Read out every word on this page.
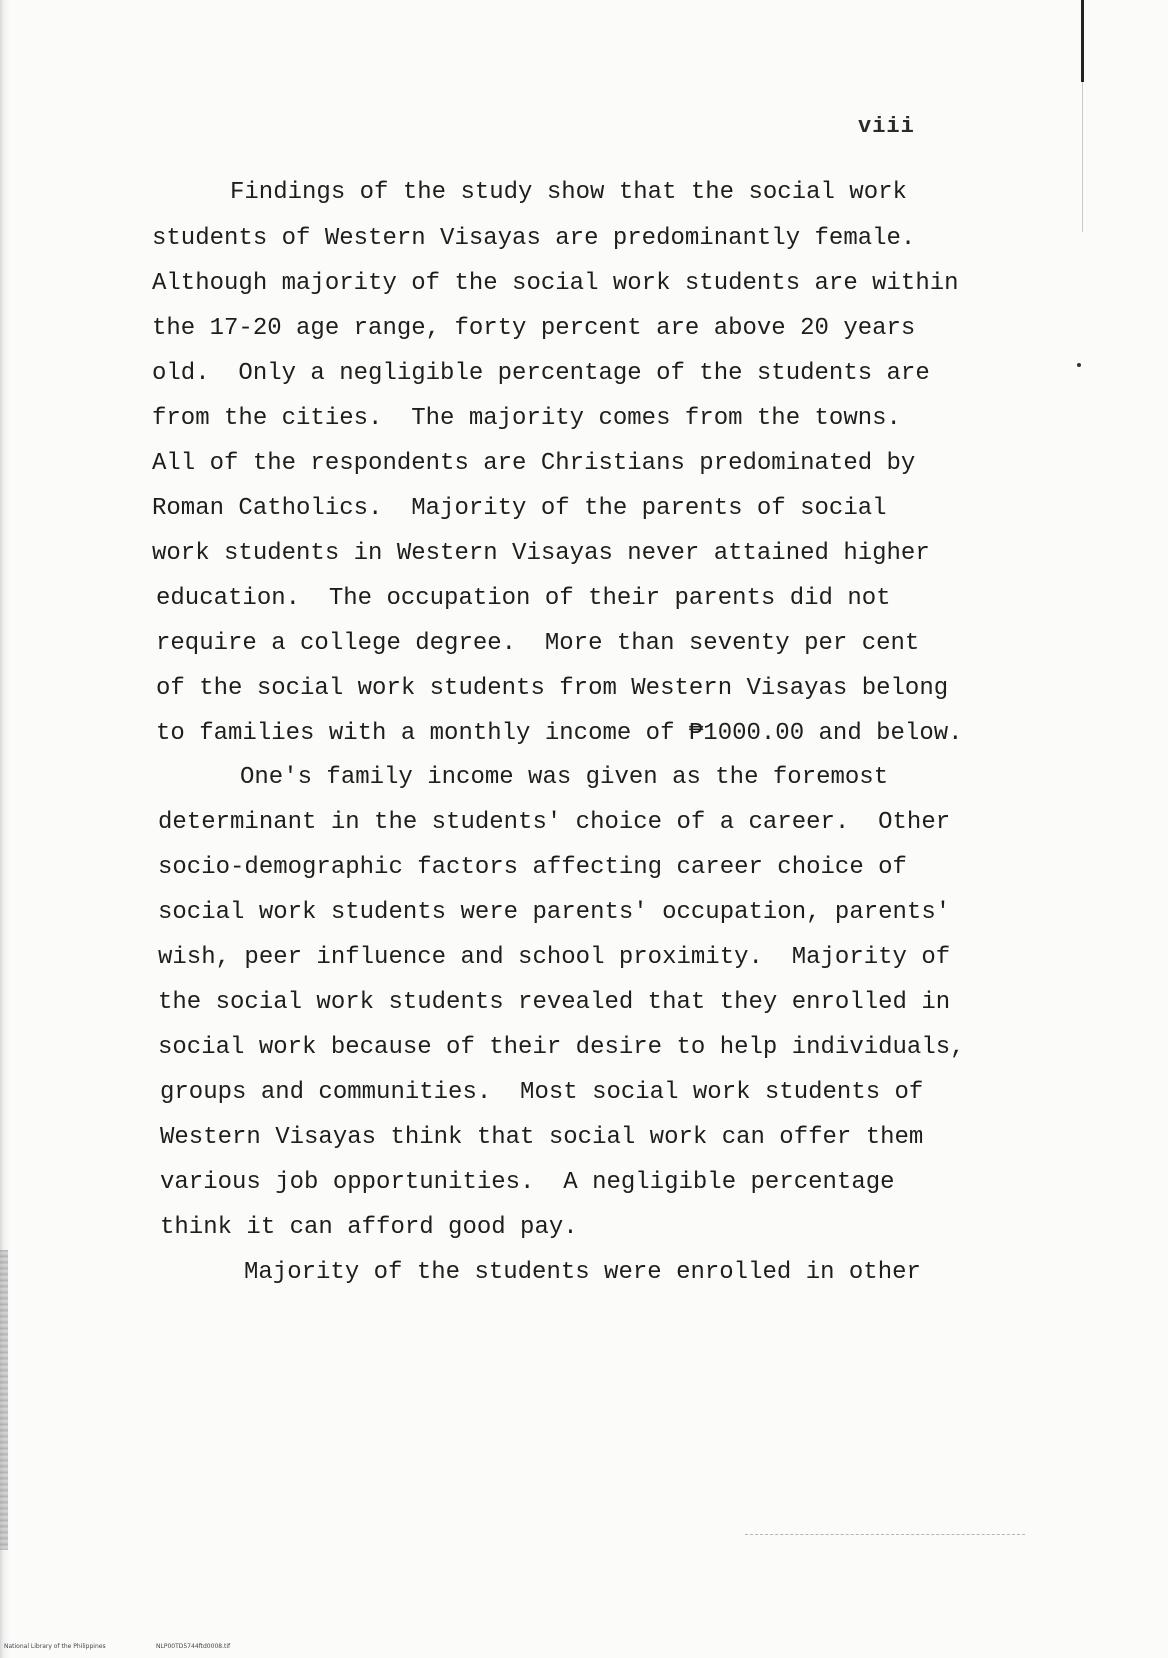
viii
Findings of the study show that the social work
students of Western Visayas are predominantly female.
Although majority of the social work students are within
the 17-20 age range, forty percent are above 20 years
old.  Only a negligible percentage of the students are
from the cities.  The majority comes from the towns.
All of the respondents are Christians predominated by
Roman Catholics.  Majority of the parents of social
work students in Western Visayas never attained higher
education.  The occupation of their parents did not
require a college degree.  More than seventy per cent
of the social work students from Western Visayas belong
to families with a monthly income of ₱1000.00 and below.
One's family income was given as the foremost
determinant in the students' choice of a career.  Other
socio-demographic factors affecting career choice of
social work students were parents' occupation, parents'
wish, peer influence and school proximity.  Majority of
the social work students revealed that they enrolled in
social work because of their desire to help individuals,
groups and communities.  Most social work students of
Western Visayas think that social work can offer them
various job opportunities.  A negligible percentage
think it can afford good pay.
Majority of the students were enrolled in other
National Library of the Philippines	NLP00TD5744ftd0008.tif
